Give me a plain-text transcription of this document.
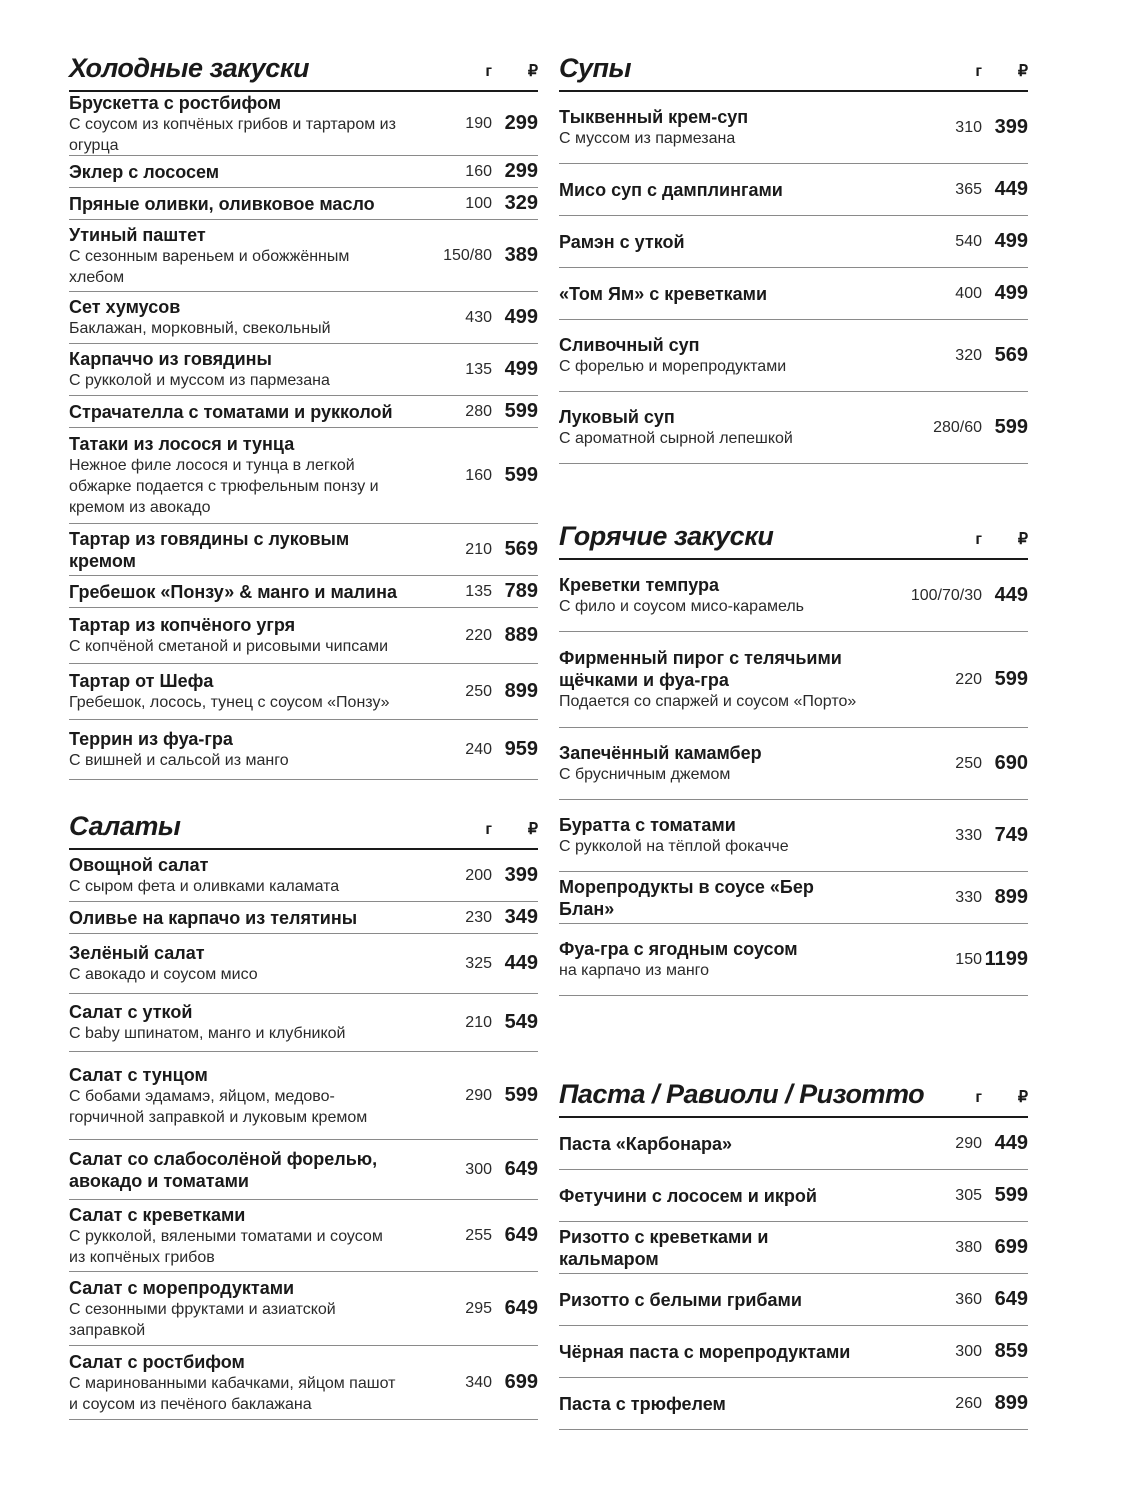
Холодные закуски	г	₽
Брускетта с ростбифом
С соусом из копчёных грибов и тартаром из огурца
190 299
Эклер с лососем	160 299
Пряные оливки, оливковое масло	100 329
Утиный паштет
С сезонным вареньем и обожжённым хлебом
150/80 389
Сет хумусов
Баклажан, морковный, свекольный
430 499
Карпаччо из говядины
С рукколой и муссом из пармезана
135 499
Страчателла с томатами и рукколой	280 599
Татаки из лосося и тунца
Нежное филе лосося и тунца в легкой обжарке подается с трюфельным понзу и кремом из авокадо
160 599
Тартар из говядины с луковым кремом
210 569
Гребешок «Понзу» & манго и малина	135 789
Тартар из копчёного угря
С копчёной сметаной и рисовыми чипсами
220 889
Тартар от Шефа
Гребешок, лосось, тунец с соусом «Понзу»
250 899
Террин из фуа-гра
С вишней и сальсой из манго
240 959
Салаты	г	₽
Овощной салат
С сыром фета и оливками каламата
200 399
Оливье на карпачо из телятины	230 349
Зелёный салат
С авокадо и соусом мисо
325 449
Салат с уткой
С baby шпинатом, манго и клубникой
210 549
Салат с тунцом
С бобами эдамамэ, яйцом, медово-горчичной заправкой и луковым кремом
290 599
Салат со слабосолёной форелью, авокадо и томатами
300 649
Салат с креветками
С рукколой, вялеными томатами и соусом из копчёных грибов
255 649
Салат с морепродуктами
С сезонными фруктами и азиатской заправкой
295 649
Салат с ростбифом
С маринованными кабачками, яйцом пашот и соусом из печёного баклажана
340 699
Супы	г	₽
Тыквенный крем-суп
С муссом из пармезана
310 399
Мисо суп с дамплингами	365 449
Рамэн с уткой	540 499
«Том Ям» с креветками	400 499
Сливочный суп
С форелью и морепродуктами
320 569
Луковый суп
С ароматной сырной лепешкой
280/60 599
Горячие закуски	г	₽
Креветки темпура
С фило и соусом мисо-карамель
100/70/30 449
Фирменный пирог с телячьими щёчками и фуа-гра
Подается со спаржей и соусом «Порто»
220 599
Запечённый камамбер
С брусничным джемом
250 690
Буратта с томатами
С рукколой на тёплой фокачче
330 749
Морепродукты в соусе «Бер Блан»
330 899
Фуа-гра с ягодным соусом
на карпачо из манго
150 1199
Паста / Равиоли / Ризотто	г	₽
Паста «Карбонара»	290 449
Фетучини с лососем и икрой	305 599
Ризотто с креветками и кальмаром
380 699
Ризотто с белыми грибами	360 649
Чёрная паста с морепродуктами	300 859
Паста с трюфелем	260 899
